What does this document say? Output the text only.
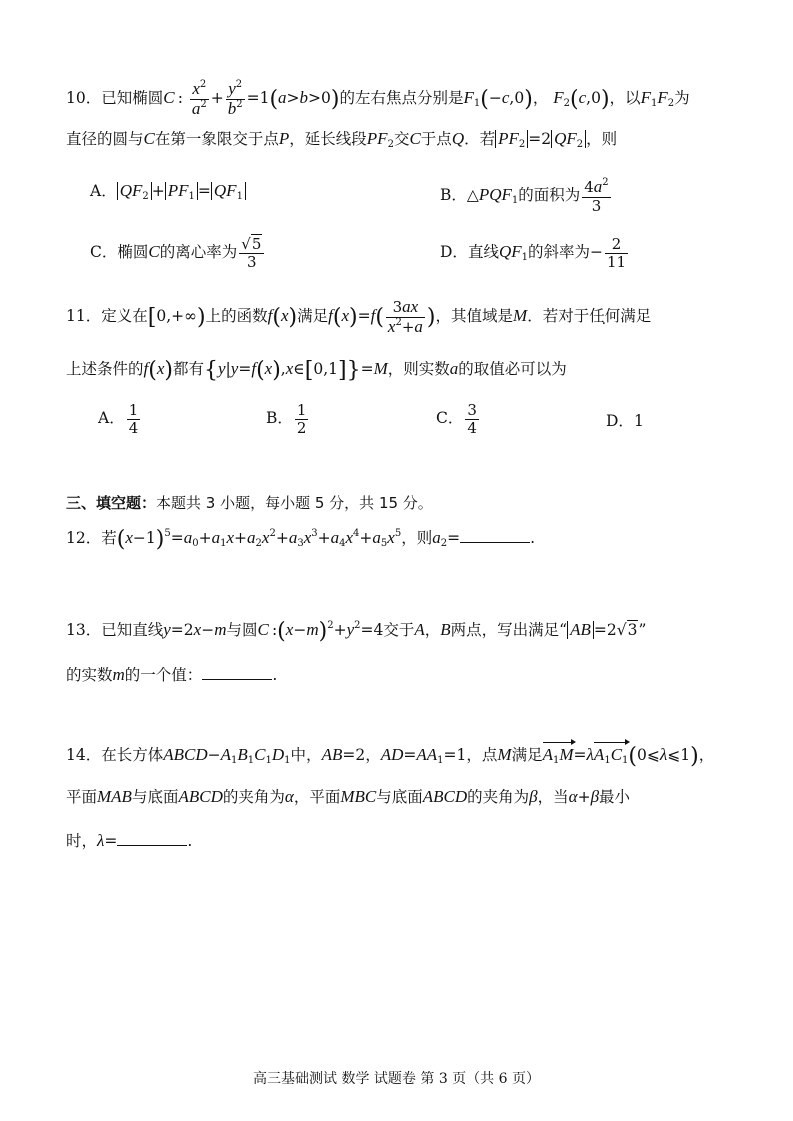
10．已知椭圆C : $\frac{x^2}{a^2} + \frac{y^2}{b^2} =1(a>b>0)$的左右焦点分别是$F_1(-c,0)$， $F_2(c,0)$，以$F_1F_2$为
直径的圆与C在第一象限交于点P，延长线段$PF_2$交C于点Q．若 $PF_2 =2$ $QF_2$ ，则
A． $QF_2 + PF_1 = QF_1$	B．$\triangle PQF_1$的面积为 $\frac{4a^2}{3}$
C．椭圆C的离心率为 $\frac{√5}{3}$	D．直线$QF_1$的斜率为− $\frac{2}{11}$
11．定义在[0,+∞)上的函数f(x)满足$f(x)=f( \frac{3ax}{x^2+a}$ )，其值域是M．若对于任何满足
上述条件的f(x)都有{y|y=f(x),x∈[0,1]}=M，则实数a的取值必可以为
A． $\frac{1}{4}$	B． $\frac{1}{2}$	C． $\frac{3}{4}$	D．1
三、填空题：本题共 3 小题，每小题 5 分，共 15 分。
12．若$(x-1)^5=a_0+a_1x+a_2x^2+a_3x^3+a_4x^4+a_5x^5$，则$a_2=$	.
13．已知直线y=2x−m与圆C $:(x-m)^2+y^2=4$交于A，B两点，写出满足“ AB =2√3”
的实数m的一个值：	.
14．在长方体$ABCD-A_1B_1C_1D_1$中，AB=2，$AD=AA_1=1$，点M满足$A_1M=\lambda A_1C_1(0⩽\lambda⩽1)$，
平面MAB与底面ABCD的夹角为α，平面MBC与底面ABCD的夹角为β，当α+β最小
时，λ=	.
高三基础测试 数学 试题卷 第 3 页（共 6 页）
